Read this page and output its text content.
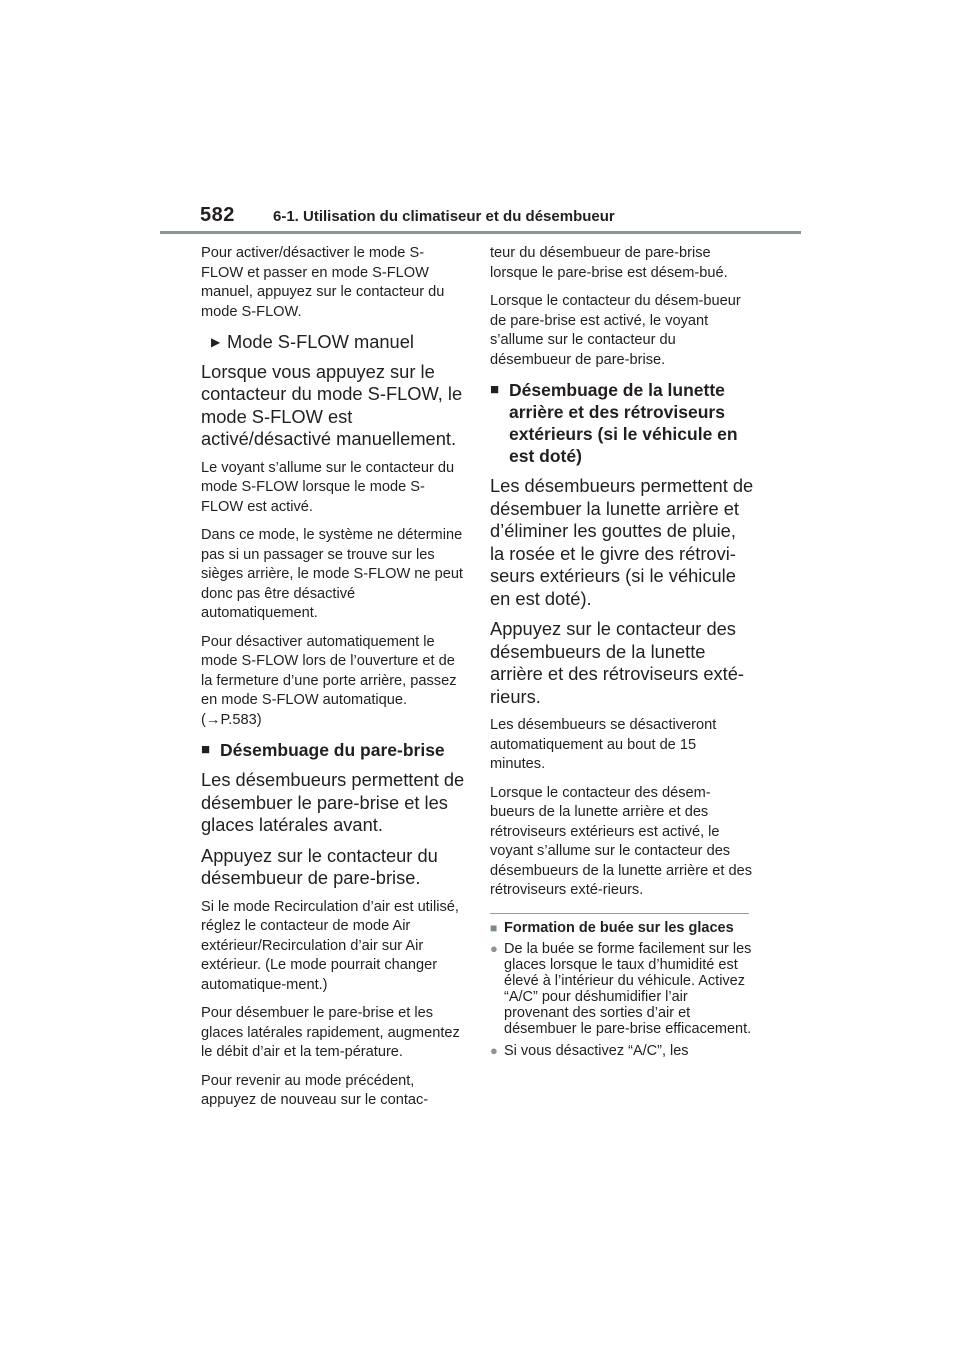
582	6-1. Utilisation du climatiseur et du désembueur

Pour activer/désactiver le mode S-FLOW et passer en mode S-FLOW manuel, appuyez sur le contacteur du mode S-FLOW.

▶ Mode S-FLOW manuel

Lorsque vous appuyez sur le contacteur du mode S-FLOW, le mode S-FLOW est activé/désactivé manuellement.

Le voyant s’allume sur le contacteur du mode S-FLOW lorsque le mode S-FLOW est activé.

Dans ce mode, le système ne détermine pas si un passager se trouve sur les sièges arrière, le mode S-FLOW ne peut donc pas être désactivé automatiquement.

Pour désactiver automatiquement le mode S-FLOW lors de l’ouverture et de la fermeture d’une porte arrière, passez en mode S-FLOW automatique. (→P.583)

■ Désembuage du pare-brise

Les désembueurs permettent de désembuer le pare-brise et les glaces latérales avant.

Appuyez sur le contacteur du désembueur de pare-brise.

Si le mode Recirculation d’air est utilisé, réglez le contacteur de mode Air extérieur/Recirculation d’air sur Air extérieur. (Le mode pourrait changer automatique-ment.)

Pour désembuer le pare-brise et les glaces latérales rapidement, augmentez le débit d’air et la tem-pérature.

Pour revenir au mode précédent, appuyez de nouveau sur le contac-

teur du désembueur de pare-brise lorsque le pare-brise est désem-bué.

Lorsque le contacteur du désem-bueur de pare-brise est activé, le voyant s’allume sur le contacteur du désembueur de pare-brise.

■ Désembuage de la lunette arrière et des rétroviseurs extérieurs (si le véhicule en est doté)

Les désembueurs permettent de désembuer la lunette arrière et d’éliminer les gouttes de pluie, la rosée et le givre des rétrovi-seurs extérieurs (si le véhicule en est doté).

Appuyez sur le contacteur des désembueurs de la lunette arrière et des rétroviseurs exté-rieurs.

Les désembueurs se désactiveront automatiquement au bout de 15 minutes.

Lorsque le contacteur des désem-bueurs de la lunette arrière et des rétroviseurs extérieurs est activé, le voyant s’allume sur le contacteur des désembueurs de la lunette arrière et des rétroviseurs exté-rieurs.

■ Formation de buée sur les glaces
● De la buée se forme facilement sur les glaces lorsque le taux d’humidité est élevé à l’intérieur du véhicule. Activez “A/C” pour déshumidifier l’air provenant des sorties d’air et désembuer le pare-brise efficacement.
● Si vous désactivez “A/C”, les
